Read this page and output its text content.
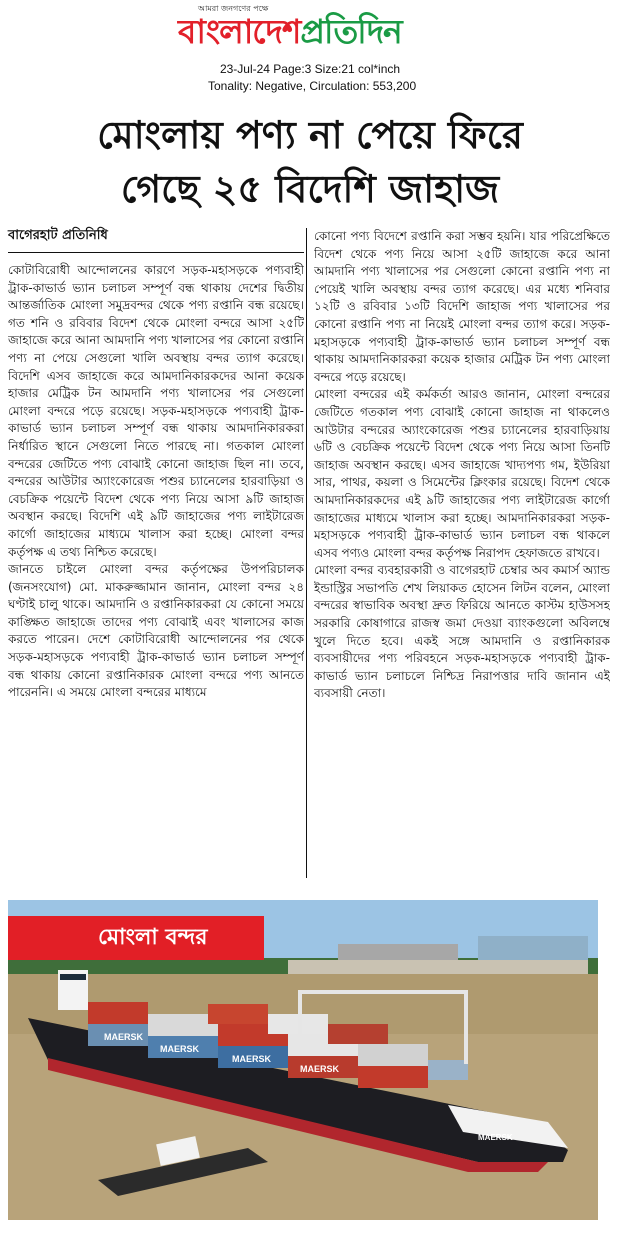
আমরা জনগণের পক্ষে
বাংলাদেশপ্রতিদিন
23-Jul-24 Page:3 Size:21 col*inch
Tonality: Negative, Circulation: 553,200
মোংলায় পণ্য না পেয়ে ফিরে
গেছে ২৫ বিদেশি জাহাজ
বাগেরহাট প্রতিনিধি

কোটাবিরোধী আন্দোলনের কারণে সড়ক-মহাসড়কে পণ্যবাহী ট্রাক-কাভার্ড ভ্যান চলাচল সম্পূর্ণ বন্ধ থাকায় দেশের দ্বিতীয় আন্তর্জাতিক মোংলা সমুদ্রবন্দর থেকে পণ্য রপ্তানি বন্ধ রয়েছে। গত শনি ও রবিবার বিদেশ থেকে মোংলা বন্দরে আসা ২৫টি জাহাজে করে আনা আমদানি পণ্য খালাসের পর কোনো রপ্তানি পণ্য না পেয়ে সেগুলো খালি অবস্থায় বন্দর ত্যাগ করেছে। বিদেশি এসব জাহাজে করে আমদানিকারকদের আনা কয়েক হাজার মেট্রিক টন আমদানি পণ্য খালাসের পর সেগুলো মোংলা বন্দরে পড়ে রয়েছে। সড়ক-মহাসড়কে পণ্যবাহী ট্রাক-কাভার্ড ভ্যান চলাচল সম্পূর্ণ বন্ধ থাকায় আমদানিকারকরা নির্ধারিত স্থানে সেগুলো নিতে পারছে না। গতকাল মোংলা বন্দরের জেটিতে পণ্য বোঝাই কোনো জাহাজ ছিল না। তবে, বন্দরের আউটার অ্যাংকোরেজ পশুর চ্যানেলের হারবাড়িয়া ও বেচক্রিক পয়েন্টে বিদেশ থেকে পণ্য নিয়ে আসা ৯টি জাহাজ অবস্থান করছে। বিদেশি এই ৯টি জাহাজের পণ্য লাইটারেজ কার্গো জাহাজের মাধ্যমে খালাস করা হচ্ছে। মোংলা বন্দর কর্তৃপক্ষ এ তথ্য নিশ্চিত করেছে।

জানতে চাইলে মোংলা বন্দর কর্তৃপক্ষের উপপরিচালক (জনসংযোগ) মো. মাকরুজ্জামান জানান, মোংলা বন্দর ২৪ ঘণ্টাই চালু থাকে। আমদানি ও রপ্তানিকারকরা যে কোনো সময়ে কাঙ্ক্ষিত জাহাজে তাদের পণ্য বোঝাই এবং খালাসের কাজ করতে পারেন। দেশে কোটাবিরোধী আন্দোলনের পর থেকে সড়ক-মহাসড়কে পণ্যবাহী ট্রাক-কাভার্ড ভ্যান চলাচল সম্পূর্ণ বন্ধ থাকায় কোনো রপ্তানিকারক মোংলা বন্দরে পণ্য আনতে পারেননি। এ সময়ে মোংলা বন্দরের মাধ্যমে

কোনো পণ্য বিদেশে রপ্তানি করা সম্ভব হয়নি। যার পরিপ্রেক্ষিতে বিদেশ থেকে পণ্য নিয়ে আসা ২৫টি জাহাজে করে আনা আমদানি পণ্য খালাসের পর সেগুলো কোনো রপ্তানি পণ্য না পেয়েই খালি অবস্থায় বন্দর ত্যাগ করেছে। এর মধ্যে শনিবার ১২টি ও রবিবার ১৩টি বিদেশি জাহাজ পণ্য খালাসের পর কোনো রপ্তানি পণ্য না নিয়েই মোংলা বন্দর ত্যাগ করে। সড়ক-মহাসড়কে পণ্যবাহী ট্রাক-কাভার্ড ভ্যান চলাচল সম্পূর্ণ বন্ধ থাকায় আমদানিকারকরা কয়েক হাজার মেট্রিক টন পণ্য মোংলা বন্দরে পড়ে রয়েছে।

মোংলা বন্দরের এই কর্মকর্তা আরও জানান, মোংলা বন্দরের জেটিতে গতকাল পণ্য বোঝাই কোনো জাহাজ না থাকলেও আউটার বন্দরের অ্যাংকোরেজ পশুর চ্যানেলের হারবাড়িয়ায় ৬টি ও বেচক্রিক পয়েন্টে বিদেশ থেকে পণ্য নিয়ে আসা তিনটি জাহাজ অবস্থান করছে। এসব জাহাজে খাদ্যপণ্য গম, ইউরিয়া সার, পাথর, কয়লা ও সিমেন্টের ক্লিংকার রয়েছে। বিদেশ থেকে আমদানিকারকদের এই ৯টি জাহাজের পণ্য লাইটারেজ কার্গো জাহাজের মাধ্যমে খালাস করা হচ্ছে। আমদানিকারকরা সড়ক-মহাসড়কে পণ্যবাহী ট্রাক-কাভার্ড ভ্যান চলাচল বন্ধ থাকলে এসব পণ্যও মোংলা বন্দর কর্তৃপক্ষ নিরাপদ হেফাজতে রাখবে।

মোংলা বন্দর ব্যবহারকারী ও বাগেরহাট চেম্বার অব কমার্স অ্যান্ড ইন্ডাস্ট্রির সভাপতি শেখ লিয়াকত হোসেন লিটন বলেন, মোংলা বন্দরের স্বাভাবিক অবস্থা দ্রুত ফিরিয়ে আনতে কাস্টম হাউসসহ সরকারি কোষাগারে রাজস্ব জমা দেওয়া ব্যাংকগুলো অবিলম্বে খুলে দিতে হবে। একই সঙ্গে আমদানি ও রপ্তানিকারক ব্যবসায়ীদের পণ্য পরিবহনে সড়ক-মহাসড়কে পণ্যবাহী ট্রাক-কাভার্ড ভ্যান চলাচলে নিশ্চিদ্র নিরাপত্তার দাবি জানান এই ব্যবসায়ী নেতা।

MAERSK
MAERSK
MAERSK
MAERSK
MAERSK
মোংলা বন্দর
